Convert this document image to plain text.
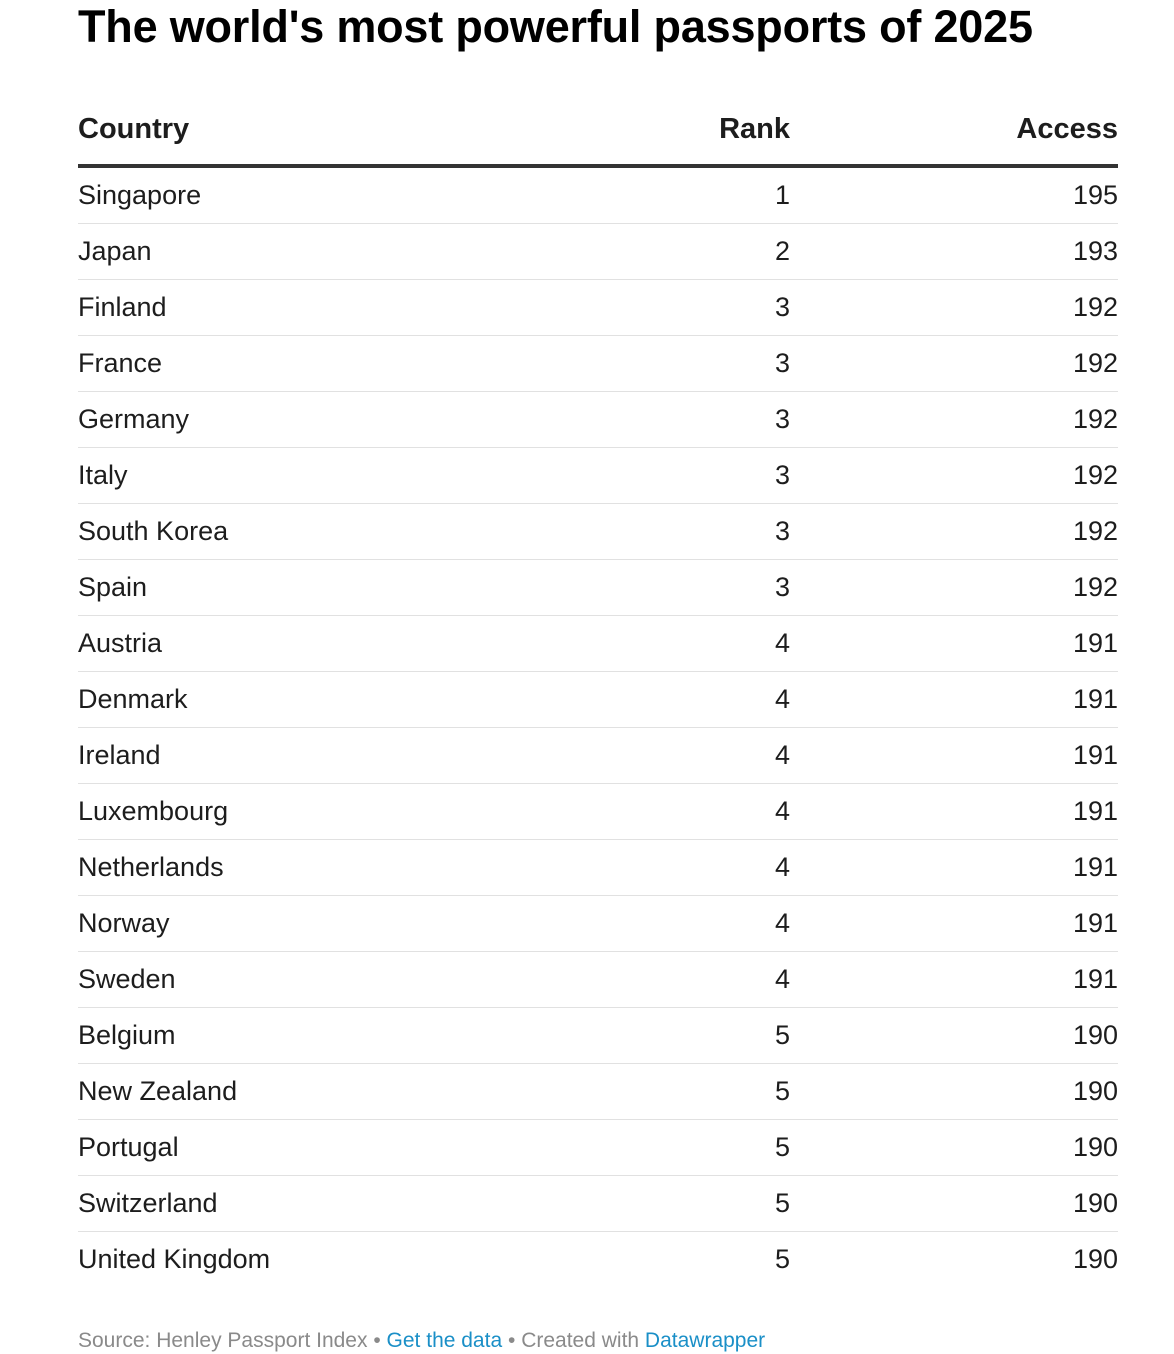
The world's most powerful passports of 2025
Country	Rank	Access
Singapore	1	195
Japan	2	193
Finland	3	192
France	3	192
Germany	3	192
Italy	3	192
South Korea	3	192
Spain	3	192
Austria	4	191
Denmark	4	191
Ireland	4	191
Luxembourg	4	191
Netherlands	4	191
Norway	4	191
Sweden	4	191
Belgium	5	190
New Zealand	5	190
Portugal	5	190
Switzerland	5	190
United Kingdom	5	190
Source: Henley Passport Index • Get the data • Created with Datawrapper
